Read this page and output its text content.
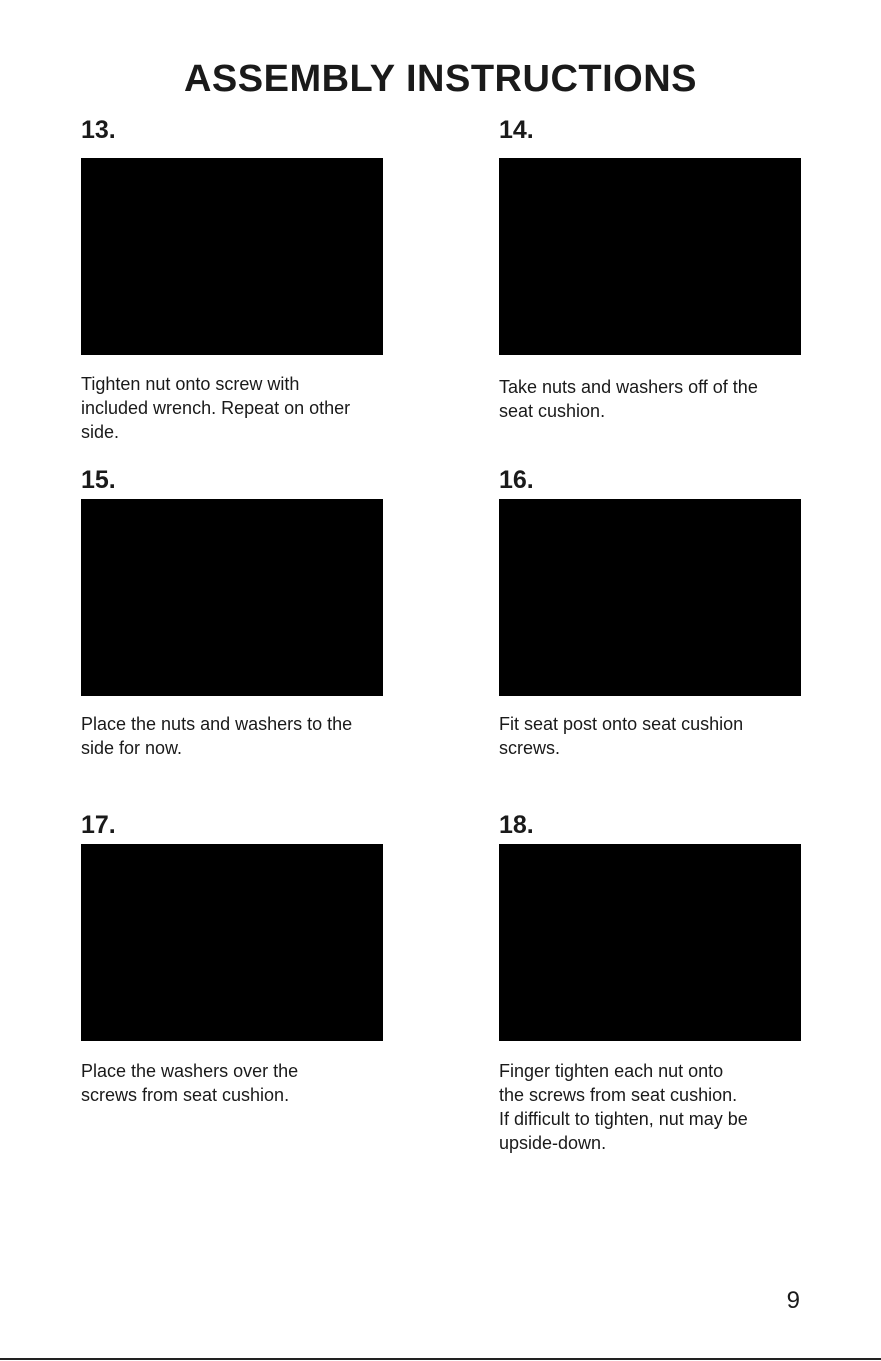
ASSEMBLY INSTRUCTIONS
13.
Tighten nut onto screw with
included wrench. Repeat on other
side.
14.
Take nuts and washers off of the
seat cushion.
15.
Place the nuts and washers to the
side for now.
16.
Fit seat post onto seat cushion
screws.
17.
Place the washers over the
screws from seat cushion.
18.
Finger tighten each nut onto
the screws from seat cushion.
If difficult to tighten, nut may be
upside-down.
9
